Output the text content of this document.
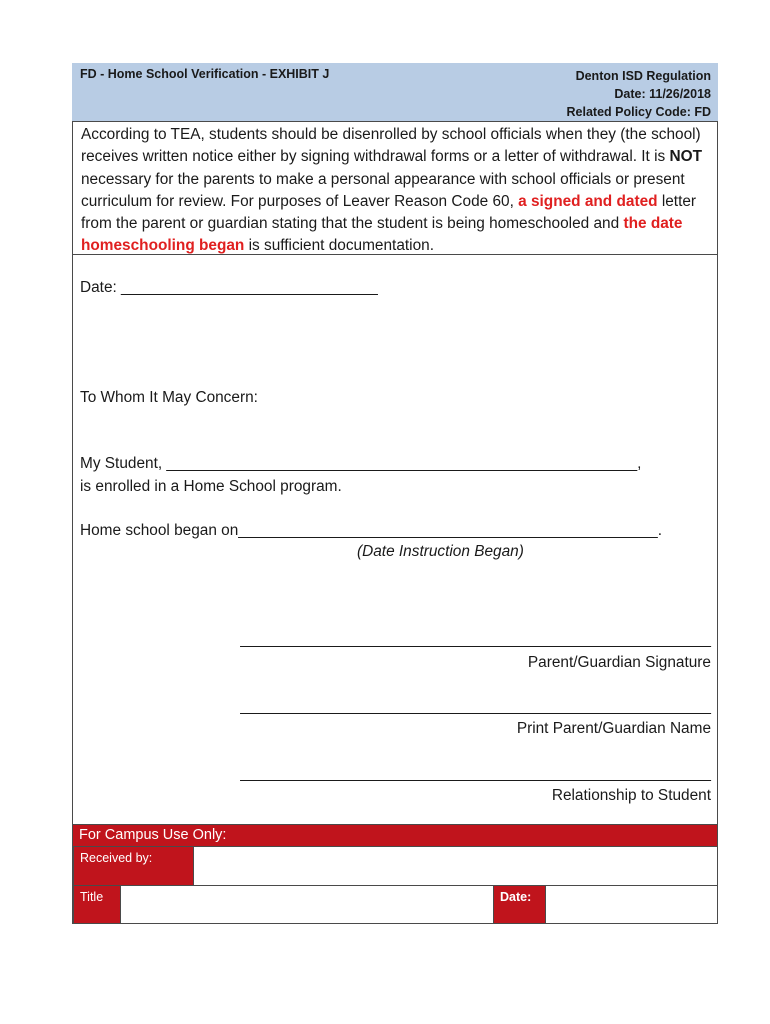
FD - Home School Verification - EXHIBIT J	Denton ISD Regulation
Date: 11/26/2018
Related Policy Code: FD
According to TEA, students should be disenrolled by school officials when they (the school) receives written notice either by signing withdrawal forms or a letter of withdrawal. It is NOT necessary for the parents to make a personal appearance with school officials or present curriculum for review. For purposes of Leaver Reason Code 60, a signed and dated letter from the parent or guardian stating that the student is being homeschooled and the date homeschooling began is sufficient documentation.
Date: ______________________________
To Whom It May Concern:
My Student, _______________________________________________________,
is enrolled in a Home School program.
Home school began on_________________________________________________.
(Date Instruction Began)
_______________________________________________________
Parent/Guardian Signature
_______________________________________________________
Print Parent/Guardian Name
_______________________________________________________
Relationship to Student
For Campus Use Only:
Received by:
Title	Date:
